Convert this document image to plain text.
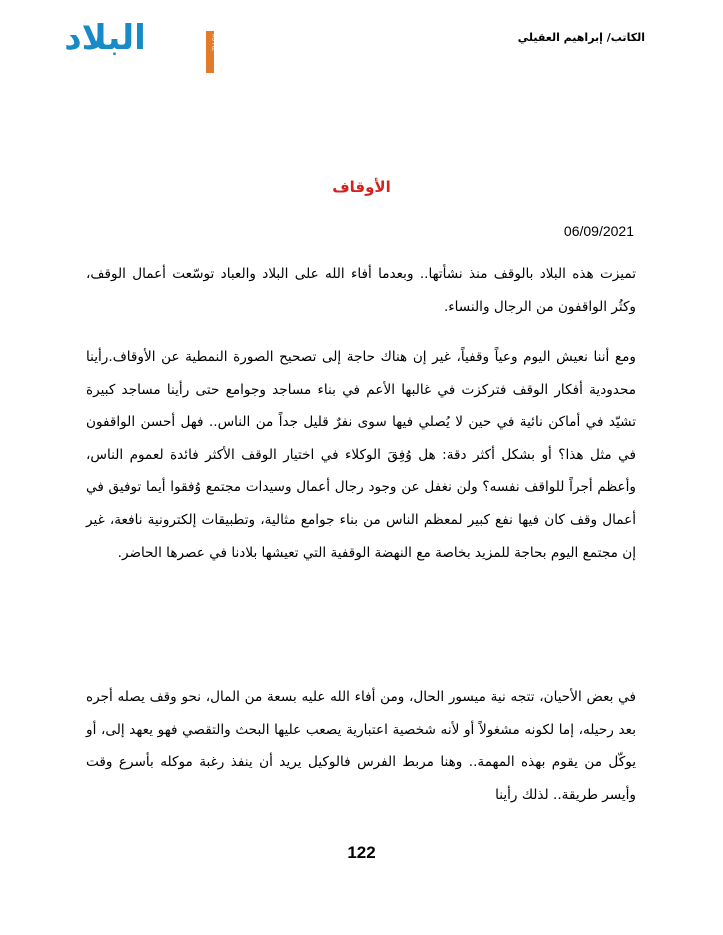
الكاتب/ إبراهيم العقيلي
البلاد	TV BILAD
الأوقاف
06/09/2021
تميزت هذه البلاد بالوقف منذ نشأتها.. وبعدما أفاء الله على البلاد والعباد توسّعت أعمال الوقف، وكثُر الواقفون من الرجال والنساء.
ومع أننا نعيش اليوم وعياً وقفياً، غير إن هناك حاجة إلى تصحيح الصورة النمطية عن الأوقاف.رأينا محدودية أفكار الوقف فتركزت في غالبها الأعم في بناء مساجد وجوامع حتى رأينا مساجد كبيرة تشيّد في أماكن نائية في حين لا يُصلي فيها سوى نفرٌ قليل جداً من الناس.. فهل أحسن الواقفون في مثل هذا؟ أو بشكل أكثر دقة: هل وُفِقَ الوكلاء في اختيار الوقف الأكثر فائدة لعموم الناس، وأعظم أجراً للواقف نفسه؟ ولن نغفل عن وجود رجال أعمال وسيدات مجتمع وُفقوا أيما توفيق في أعمال وقف كان فيها نفع كبير لمعظم الناس من بناء جوامع مثالية، وتطبيقات إلكترونية نافعة، غير إن مجتمع اليوم بحاجة للمزيد بخاصة مع النهضة الوقفية التي تعيشها بلادنا في عصرها الحاضر.
في بعض الأحيان، تتجه نية ميسور الحال، ومن أفاء الله عليه بسعة من المال، نحو وقف يصله أجره بعد رحيله، إما لكونه مشغولاً أو لأنه شخصية اعتبارية يصعب عليها البحث والتقصي فهو يعهد إلى، أو يوكّل من يقوم بهذه المهمة.. وهنا مربط الفرس فالوكيل يريد أن ينفذ رغبة موكله بأسرع وقت وأيسر طريقة.. لذلك رأينا
122
